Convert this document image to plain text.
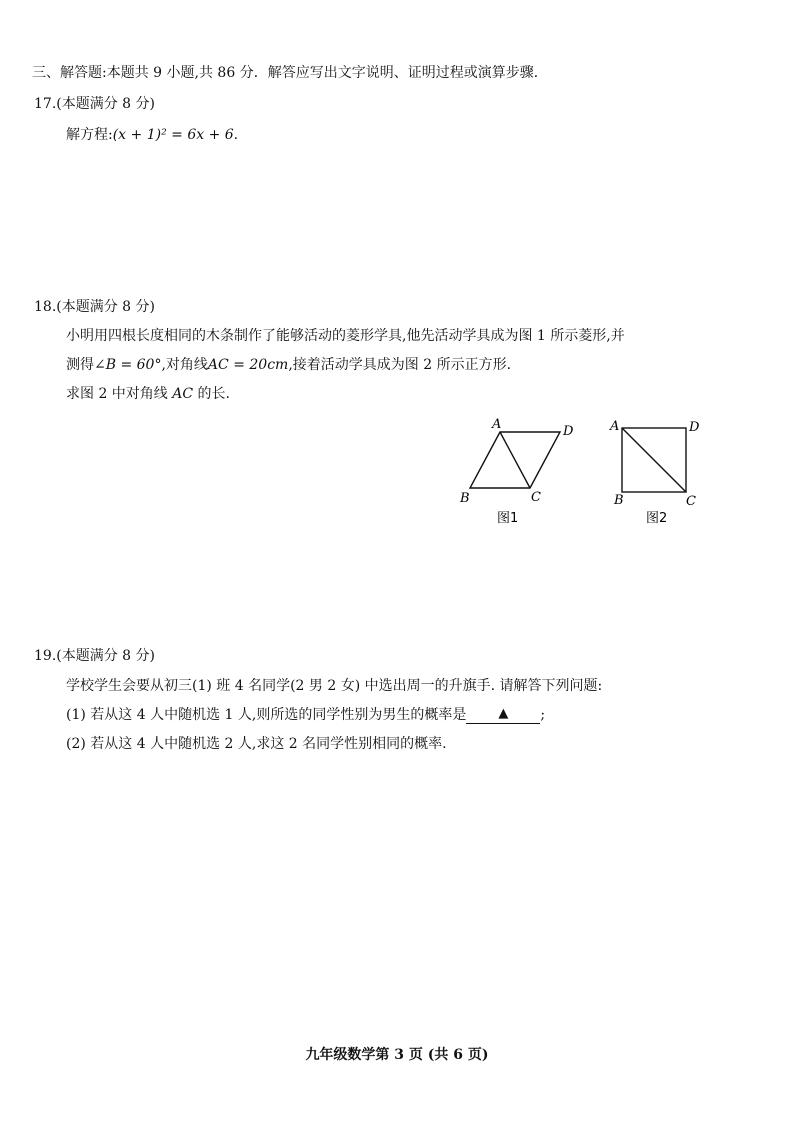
三、解答题:本题共 9 小题,共 86 分．解答应写出文字说明、证明过程或演算步骤．
17.(本题满分 8 分)
解方程:(x + 1)² = 6x + 6.
18.(本题满分 8 分)
小明用四根长度相同的木条制作了能够活动的菱形学具,他先活动学具成为图 1 所示菱形,并
测得∠B = 60°,对角线AC = 20cm,接着活动学具成为图 2 所示正方形.
求图 2 中对角线 AC 的长.
A	D
B	C
图1
A	D
B	C
图2
19.(本题满分 8 分)
学校学生会要从初三(1) 班 4 名同学(2 男 2 女) 中选出周一的升旗手. 请解答下列问题:
(1) 若从这 4 人中随机选 1 人,则所选的同学性别为男生的概率是 ▲ ;
(2) 若从这 4 人中随机选 2 人,求这 2 名同学性别相同的概率.
九年级数学第 3 页 (共 6 页)
